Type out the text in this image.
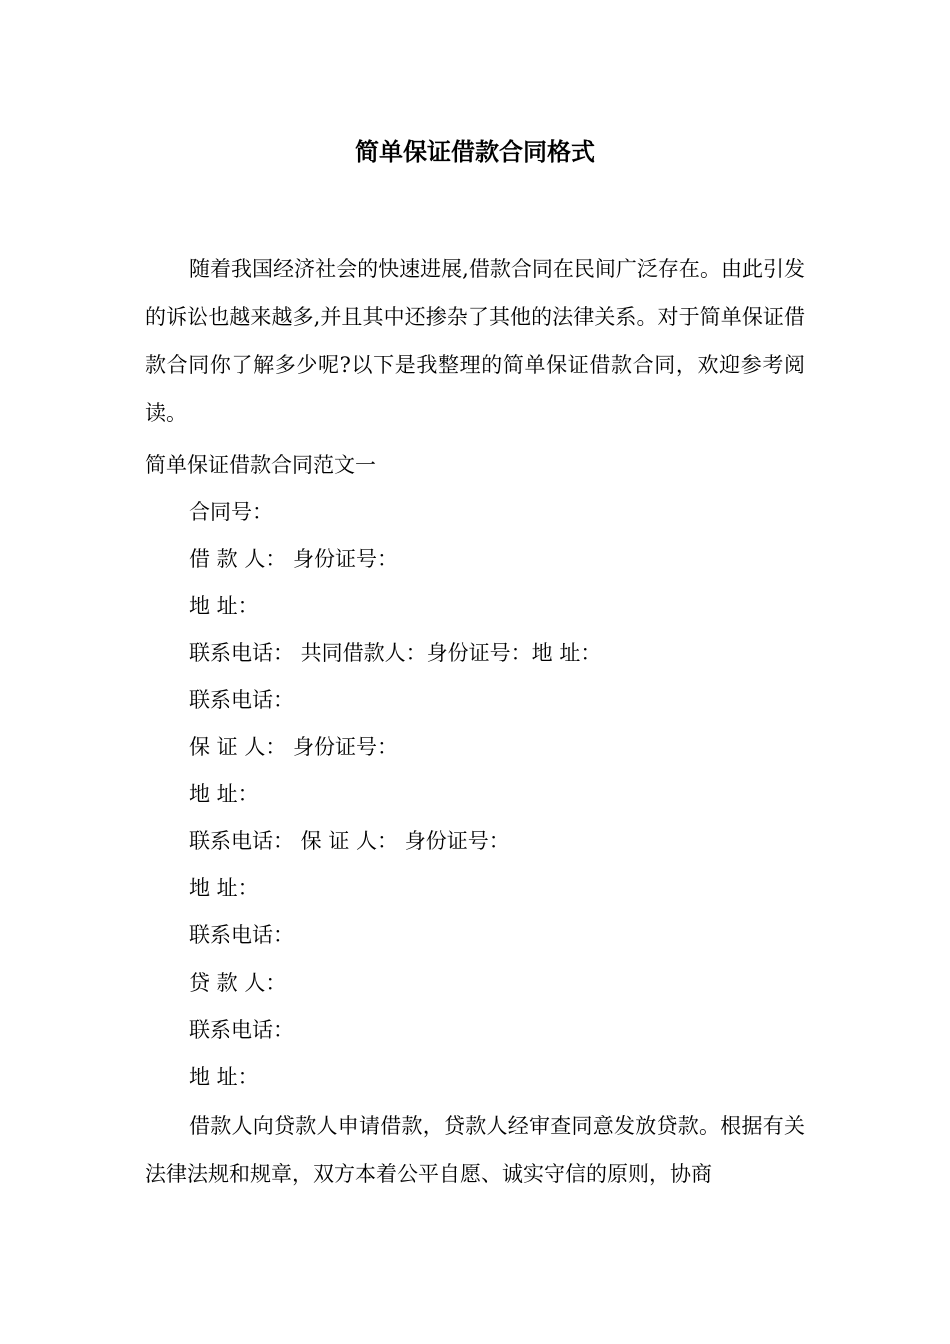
简单保证借款合同格式

随着我国经济社会的快速进展,借款合同在民间广泛存在。由此引发的诉讼也越来越多,并且其中还掺杂了其他的法律关系。对于简单保证借款合同你了解多少呢?以下是我整理的简单保证借款合同，欢迎参考阅读。

简单保证借款合同范文一

合同号：

借 款 人： 身份证号：

地 址：

联系电话： 共同借款人：身份证号：地 址：

联系电话：

保 证 人： 身份证号：

地 址：

联系电话： 保 证 人： 身份证号：

地 址：

联系电话：

贷 款 人：

联系电话：

地 址：

借款人向贷款人申请借款，贷款人经审查同意发放贷款。根据有关法律法规和规章，双方本着公平自愿、诚实守信的原则，协商
